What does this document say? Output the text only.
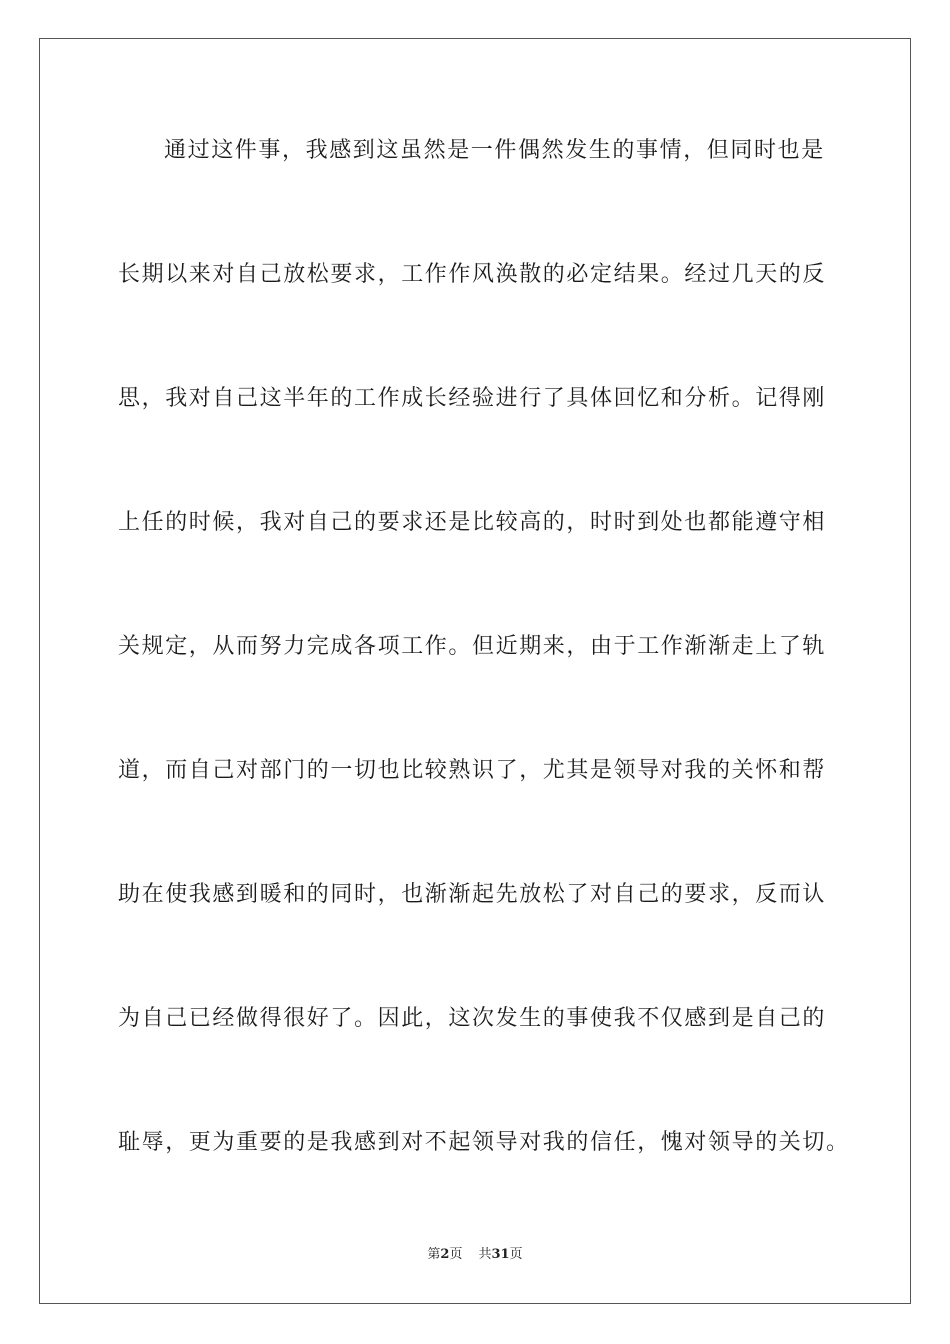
通过这件事，我感到这虽然是一件偶然发生的事情，但同时也是
长期以来对自己放松要求，工作作风涣散的必定结果。经过几天的反
思，我对自己这半年的工作成长经验进行了具体回忆和分析。记得刚
上任的时候，我对自己的要求还是比较高的，时时到处也都能遵守相
关规定，从而努力完成各项工作。但近期来，由于工作渐渐走上了轨
道，而自己对部门的一切也比较熟识了，尤其是领导对我的关怀和帮
助在使我感到暖和的同时，也渐渐起先放松了对自己的要求，反而认
为自己已经做得很好了。因此，这次发生的事使我不仅感到是自己的
耻辱，更为重要的是我感到对不起领导对我的信任，愧对领导的关切。
第2页 共31页
